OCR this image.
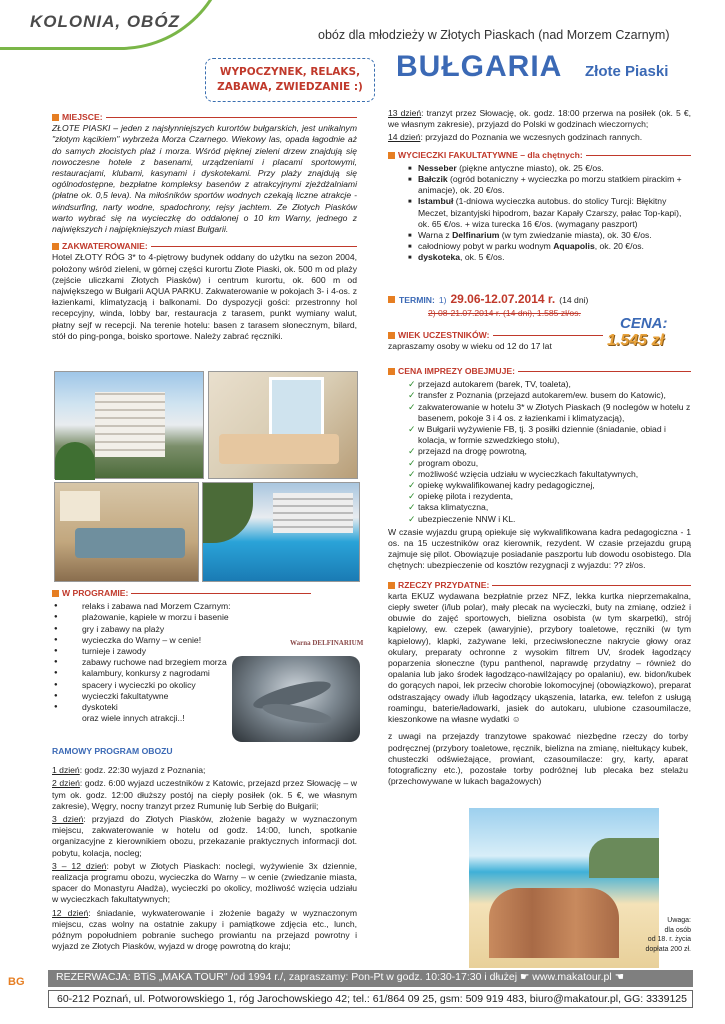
KOLONIA, OBÓZ
obóz dla młodzieży w Złotych Piaskach (nad Morzem Czarnym)
WYPOCZYNEK, RELAKS,
ZABAWA, ZWIEDZANIE :)
BUŁGARIA Złote Piaski
MIEJSCE:

ZŁOTE PIASKI – jeden z najsłynniejszych kurortów bułgarskich, jest unikalnym "złotym kącikiem" wybrzeża Morza Czarnego. Wiekowy las, opada łagodnie aż do samych złocistych plaż i morza. Wśród pięknej zieleni drzew znajdują się nowoczesne hotele z basenami, urządzeniami i placami sportowymi, restauracjami, klubami, kasynami i dyskotekami. Przy plaży znajdują się ogólnodostępne, bezpłatne kompleksy basenów z atrakcyjnymi zjeżdżalniami (płatne ok. 0,5 leva). Na miłośników sportów wodnych czekają liczne atrakcje - windsurfing, narty wodne, spadochrony, rejsy jachtem. Ze Złotych Piasków warto wybrać się na wycieczkę do oddalonej o 10 km Warny, jednego z największych i najpiękniejszych miast Bułgarii.

ZAKWATEROWANIE:

Hotel ZŁOTY RÓG 3* to 4-piętrowy budynek oddany do użytku na sezon 2004, położony wśród zieleni, w górnej części kurortu Złote Piaski, ok. 500 m od plaży (zejście uliczkami Złotych Piasków) i centrum kurortu, ok. 600 m od największego w Bułgarii AQUA PARKU. Zakwaterowanie w pokojach 3- i 4-os. z łazienkami, klimatyzacją i balkonami. Do dyspozycji gości: przestronny hol recepcyjny, winda, lobby bar, restauracja z tarasem, punkt wymiany walut, płatny sejf w recepcji. Na terenie hotelu: basen z tarasem słonecznym, bilard, stół do ping-ponga, boisko sportowe. Należy zabrać ręczniki.

W PROGRAMIE:
● relaks i zabawa nad Morzem Czarnym:
● plażowanie, kąpiele w morzu i basenie
● gry i zabawy na plaży
● wycieczka do Warny – w cenie!
● turnieje i zawody
● zabawy ruchowe nad brzegiem morza
● kalambury, konkursy z nagrodami
● spacery i wycieczki po okolicy
● wycieczki fakultatywne
● dyskoteki
oraz wiele innych atrakcji..!
Warna DELFINARIUM
RAMOWY PROGRAM OBOZU

1 dzień: godz. 22:30 wyjazd z Poznania;

2 dzień: godz. 6:00 wyjazd uczestników z Katowic, przejazd przez Słowację – w tym ok. godz. 12:00 dłuższy postój na ciepły posiłek (ok. 5 €, we własnym zakresie), Węgry, nocny tranzyt przez Rumunię lub Serbię do Bułgarii;

3 dzień: przyjazd do Złotych Piasków, złożenie bagaży w wyznaczonym miejscu, zakwaterowanie w hotelu od godz. 14:00, lunch, spotkanie organizacyjne z kierownikiem obozu, przekazanie praktycznych informacji dot. pobytu, kolacja, nocleg;

3 – 12 dzień: pobyt w Złotych Piaskach: noclegi, wyżywienie 3x dziennie, realizacja programu obozu, wycieczka do Warny – w cenie (zwiedzanie miasta, spacer do Monastyru Aładża), wycieczki po okolicy, możliwość wzięcia udziału w wycieczkach fakultatywnych;

12 dzień: śniadanie, wykwaterowanie i złożenie bagaży w wyznaczonym miejscu, czas wolny na ostatnie zakupy i pamiątkowe zdjęcia etc., lunch, późnym popołudniem pobranie suchego prowiantu na przejazd powrotny i wyjazd ze Złotych Piasków, wyjazd w drogę powrotną do kraju;

13 dzień: tranzyt przez Słowację, ok. godz. 18:00 przerwa na posiłek (ok. 5 €, we własnym zakresie), przyjazd do Polski w godzinach wieczornych;

14 dzień: przyjazd do Poznania we wczesnych godzinach rannych.

WYCIECZKI FAKULTATYWNE – dla chętnych:
■ Nesseber (piękne antyczne miasto), ok. 25 €/os.
■ Bałczik (ogród botaniczny + wycieczka po morzu statkiem pirackim + animacje), ok. 20 €/os.
■ Istambuł (1-dniowa wycieczka autobus. do stolicy Turcji: Błękitny Meczet, bizantyjski hipodrom, bazar Kapały Czarszy, pałac Top-kapi), ok. 65 €/os. + wiza turecka 16 €/os. (wymagany paszport)
■ Warna z Delfinarium (w tym zwiedzanie miasta), ok. 30 €/os.
■ całodniowy pobyt w parku wodnym Aquapolis, ok. 20 €/os.
■ dyskoteka, ok. 5 €/os.
TERMIN: 1) 29.06-12.07.2014 r. (14 dni)
2) 08-21.07.2014 r. (14 dni), 1.585 zł/os.
CENA:
1.545 zł
WIEK UCZESTNIKÓW:

zapraszamy osoby w wieku od 12 do 17 lat

CENA IMPREZY OBEJMUJE:
✓ przejazd autokarem (barek, TV, toaleta),
✓ transfer z Poznania (przejazd autokarem/ew. busem do Katowic),
✓ zakwaterowanie w hotelu 3* w Złotych Piaskach (9 noclegów w hotelu z basenem, pokoje 3 i 4 os. z łazienkami i klimatyzacją),
✓ w Bułgarii wyżywienie FB, tj. 3 posiłki dziennie (śniadanie, obiad i kolacja, w formie szwedzkiego stołu),
✓ przejazd na drogę powrotną,
✓ program obozu,
✓ możliwość wzięcia udziału w wycieczkach fakultatywnych,
✓ opiekę wykwalifikowanej kadry pedagogicznej,
✓ opiekę pilota i rezydenta,
✓ taksa klimatyczna,
✓ ubezpieczenie NNW i KL.

W czasie wyjazdu grupą opiekuje się wykwalifikowana kadra pedagogiczna - 1 os. na 15 uczestników oraz kierownik, rezydent. W czasie przejazdu grupą zajmuje się pilot. Obowiązuje posiadanie paszportu lub dowodu osobistego. Dla chętnych: ubezpieczenie od kosztów rezygnacji z wyjazdu: ?? zł/os.

RZECZY PRZYDATNE:

karta EKUZ wydawana bezpłatnie przez NFZ, lekka kurtka nieprzemakalna, ciepły sweter (i/lub polar), mały plecak na wycieczki, buty na zmianę, odzież i obuwie do zajęć sportowych, bielizna osobista (w tym skarpetki), strój kąpielowy, ew. czepek (awaryjnie), przybory toaletowe, ręczniki (w tym kąpielowy), klapki, zażywane leki, przeciwsłoneczne nakrycie głowy oraz okulary, preparaty ochronne z wysokim filtrem UV, środek łagodzący poparzenia słoneczne (typu panthenol, naprawdę przydatny – również do opalania lub jako środek łagodząco-nawilżający po opalaniu), ew. bidon/kubek do gorących napoi, lek przeciw chorobie lokomocyjnej (obowiązkowo), preparat odstraszający owady i/lub łagodzący ukąszenia, latarka, ew. telefon z usługą roamingu, baterie/ładowarki, jasiek do autokaru, ulubione czasoumilacze, kieszonkowe na własne wydatki ☺

z uwagi na przejazdy tranzytowe spakować niezbędne rzeczy do torby podręcznej (przybory toaletowe, ręcznik, bielizna na zmianę, niełtukący kubek, chusteczki odświeżające, prowiant, czasoumilacze: gry, karty, aparat fotograficzny etc.), pozostałe torby podróżnej lub plecaka bez stelażu (przechowywane w lukach bagażowych)

Uwaga:
dla osób
od 18. r. życia
dopłata 200 zł.
BG	REZERWACJA: BTiS „MAKA TOUR" /od 1994 r./, zapraszamy: Pon-Pt w godz. 10:30-17:30 i dłużej ☛ www.makatour.pl ☚
60-212 Poznań, ul. Potworowskiego 1, róg Jarochowskiego 42; tel.: 61/864 09 25, gsm: 509 919 483, biuro@makatour.pl, GG: 3339125
